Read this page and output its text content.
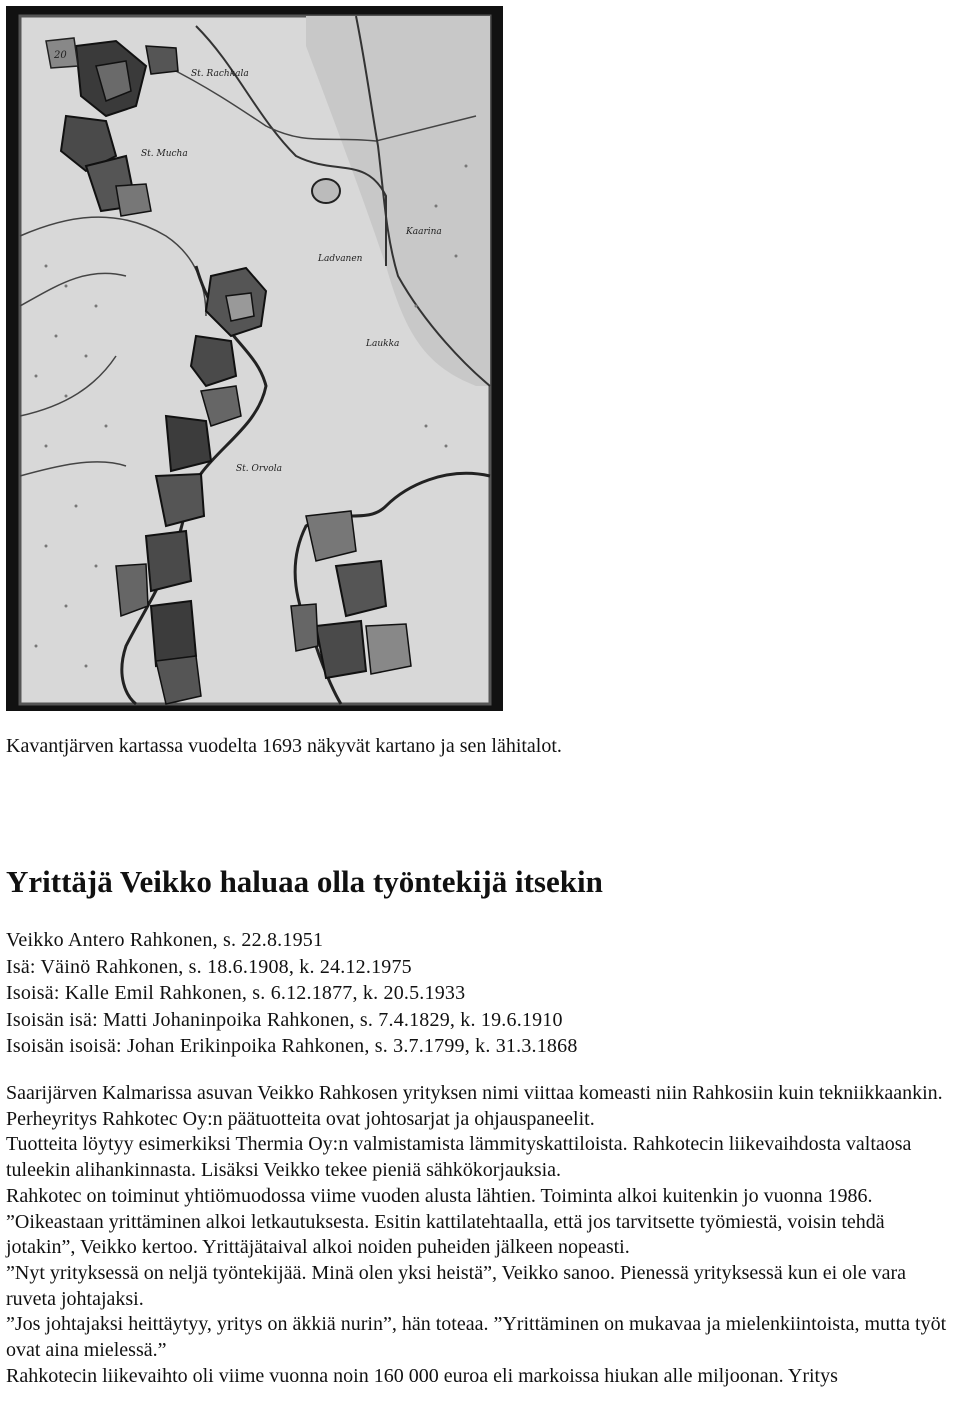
20
St. Rachkala
St. Mucha
Ladvanen
Kaarina
St. Orvola
Laukka
Kavantjärven kartassa vuodelta 1693 näkyvät kartano ja sen lähitalot.
Yrittäjä Veikko haluaa olla työntekijä itsekin
Veikko Antero Rahkonen, s. 22.8.1951
Isä: Väinö Rahkonen, s. 18.6.1908, k. 24.12.1975
Isoisä: Kalle Emil Rahkonen, s. 6.12.1877, k. 20.5.1933
Isoisän isä: Matti Johaninpoika Rahkonen, s. 7.4.1829, k. 19.6.1910
Isoisän isoisä: Johan Erikinpoika Rahkonen, s. 3.7.1799, k. 31.3.1868

Saarijärven Kalmarissa asuvan Veikko Rahkosen yrityksen nimi viittaa komeasti niin Rahkosiin kuin tekniikkaankin. Perheyritys Rahkotec Oy:n päätuotteita ovat johtosarjat ja ohjauspaneelit.

Tuotteita löytyy esimerkiksi Thermia Oy:n valmistamista lämmityskattiloista. Rahkotecin liikevaihdosta valtaosa tuleekin alihankinnasta. Lisäksi Veikko tekee pieniä sähkökorjauksia.

Rahkotec on toiminut yhtiömuodossa viime vuoden alusta lähtien. Toiminta alkoi kuitenkin jo vuonna 1986.

”Oikeastaan yrittäminen alkoi letkautuksesta. Esitin kattilatehtaalla, että jos tarvitsette työmiestä, voisin tehdä jotakin”, Veikko kertoo. Yrittäjätaival alkoi noiden puheiden jälkeen nopeasti.

”Nyt yrityksessä on neljä työntekijää. Minä olen yksi heistä”, Veikko sanoo. Pienessä yrityksessä kun ei ole vara ruveta johtajaksi.

”Jos johtajaksi heittäytyy, yritys on äkkiä nurin”, hän toteaa. ”Yrittäminen on mukavaa ja mielenkiintoista, mutta työt ovat aina mielessä.”

Rahkotecin liikevaihto oli viime vuonna noin 160 000 euroa eli markoissa hiukan alle miljoonan. Yritys
